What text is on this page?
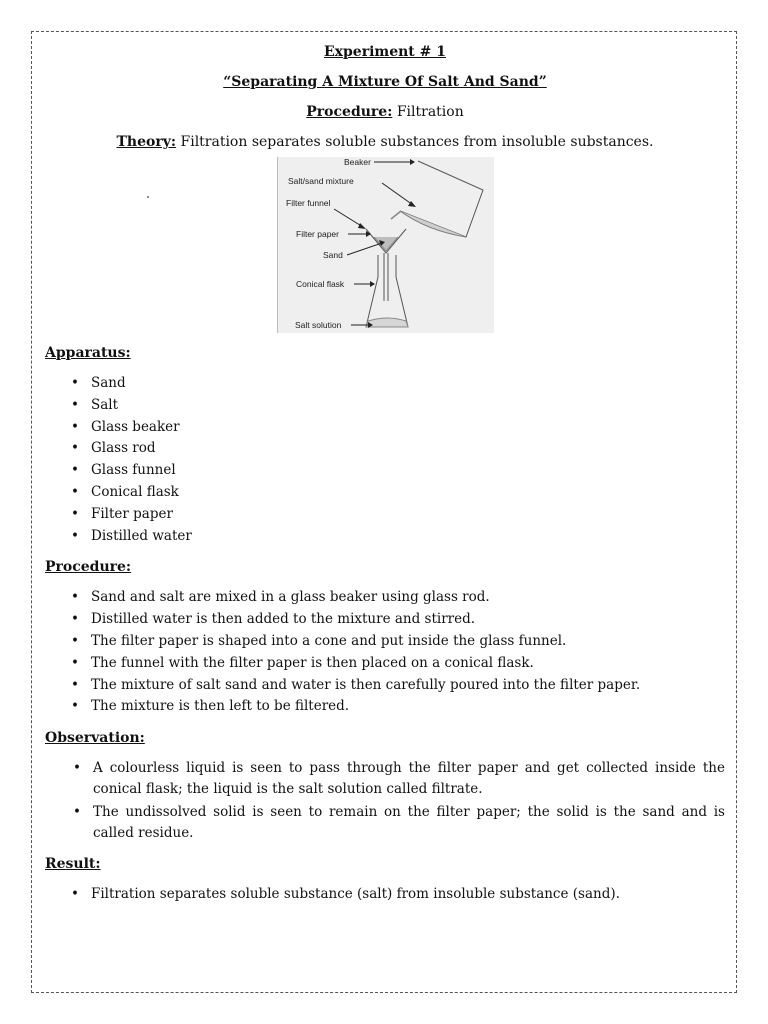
Experiment # 1
“Separating A Mixture Of Salt And Sand”
Procedure: Filtration
Theory: Filtration separates soluble substances from insoluble substances.
Beaker
Salt/sand mixture
Filter funnel
Filter paper
Sand
Conical flask
Salt solution
Apparatus:
• Sand
• Salt
• Glass beaker
• Glass rod
• Glass funnel
• Conical flask
• Filter paper
• Distilled water
Procedure:
• Sand and salt are mixed in a glass beaker using glass rod.
• Distilled water is then added to the mixture and stirred.
• The filter paper is shaped into a cone and put inside the glass funnel.
• The funnel with the filter paper is then placed on a conical flask.
• The mixture of salt sand and water is then carefully poured into the filter paper.
• The mixture is then left to be filtered.
Observation:
• A colourless liquid is seen to pass through the filter paper and get collected inside the conical flask; the liquid is the salt solution called filtrate.
• The undissolved solid is seen to remain on the filter paper; the solid is the sand and is called residue.
Result:
• Filtration separates soluble substance (salt) from insoluble substance (sand).
